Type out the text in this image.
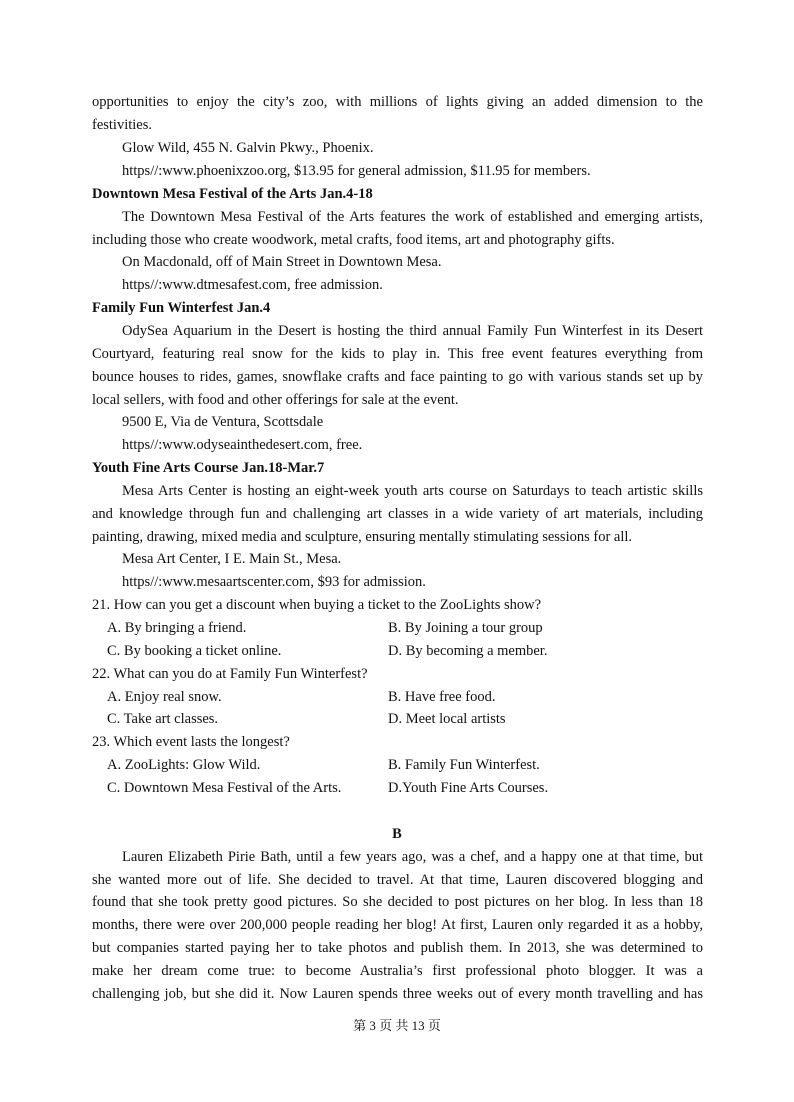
opportunities to enjoy the city’s zoo, with millions of lights giving an added dimension to the
festivities.
Glow Wild, 455 N. Galvin Pkwy., Phoenix.
https//:www.phoenixzoo.org, $13.95 for general admission, $11.95 for members.
Downtown Mesa Festival of the Arts Jan.4-18
The Downtown Mesa Festival of the Arts features the work of established and emerging artists,
including those who create woodwork, metal crafts, food items, art and photography gifts.
On Macdonald, off of Main Street in Downtown Mesa.
https//:www.dtmesafest.com, free admission.
Family Fun Winterfest Jan.4
OdySea Aquarium in the Desert is hosting the third annual Family Fun Winterfest in its Desert
Courtyard, featuring real snow for the kids to play in. This free event features everything from
bounce houses to rides, games, snowflake crafts and face painting to go with various stands set up by
local sellers, with food and other offerings for sale at the event.
9500 E, Via de Ventura, Scottsdale
https//:www.odyseainthedesert.com, free.
Youth Fine Arts Course Jan.18-Mar.7
Mesa Arts Center is hosting an eight-week youth arts course on Saturdays to teach artistic skills
and knowledge through fun and challenging art classes in a wide variety of art materials, including
painting, drawing, mixed media and sculpture, ensuring mentally stimulating sessions for all.
Mesa Art Center, I E. Main St., Mesa.
https//:www.mesaartscenter.com, $93 for admission.
21. How can you get a discount when buying a ticket to the ZooLights show?
A. By bringing a friend.	B. By Joining a tour group
C. By booking a ticket online.	D. By becoming a member.
22. What can you do at Family Fun Winterfest?
A. Enjoy real snow.	B. Have free food.
C. Take art classes.	D. Meet local artists
23. Which event lasts the longest?
A. ZooLights: Glow Wild.	B. Family Fun Winterfest.
C. Downtown Mesa Festival of the Arts.	D.Youth Fine Arts Courses.
B
Lauren Elizabeth Pirie Bath, until a few years ago, was a chef, and a happy one at that time, but
she wanted more out of life. She decided to travel. At that time, Lauren discovered blogging and
found that she took pretty good pictures. So she decided to post pictures on her blog. In less than 18
months, there were over 200,000 people reading her blog! At first, Lauren only regarded it as a hobby,
but companies started paying her to take photos and publish them. In 2013, she was determined to
make her dream come true: to become Australia’s first professional photo blogger. It was a
challenging job, but she did it. Now Lauren spends three weeks out of every month travelling and has
第 3 页 共 13 页
